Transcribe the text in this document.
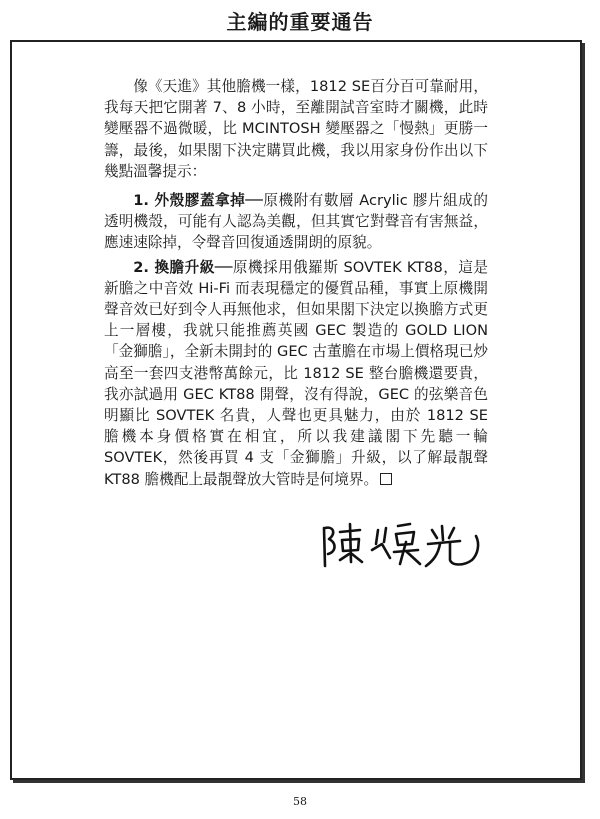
主編的重要通告

像《天進》其他膽機一樣，1812 SE百分百可靠耐用，我每天把它開著 7、8 小時，至離開試音室時才關機，此時變壓器不過微暖，比 MCINTOSH 變壓器之「慢熱」更勝一籌，最後，如果閣下決定購買此機，我以用家身份作出以下幾點溫馨提示：

1. 外殼膠蓋拿掉──原機附有數層 Acrylic 膠片組成的透明機殼，可能有人認為美觀，但其實它對聲音有害無益，應速速除掉，令聲音回復通透開朗的原貌。

2. 換膽升級──原機採用俄羅斯 SOVTEK KT88，這是新膽之中音效 Hi-Fi 而表現穩定的優質品種，事實上原機開聲音效已好到令人再無他求，但如果閣下決定以換膽方式更上一層樓，我就只能推薦英國 GEC 製造的 GOLD LION「金獅膽」，全新未開封的 GEC 古董膽在市場上價格現已炒高至一套四支港幣萬餘元，比 1812 SE 整台膽機還要貴，我亦試過用 GEC KT88 開聲，沒有得說，GEC 的弦樂音色明顯比 SOVTEK 名貴，人聲也更具魅力，由於 1812 SE 膽機本身價格實在相宜，所以我建議閣下先聽一輪 SOVTEK，然後再買 4 支「金獅膽」升級，以了解最靚聲 KT88 膽機配上最靚聲放大管時是何境界。

58
